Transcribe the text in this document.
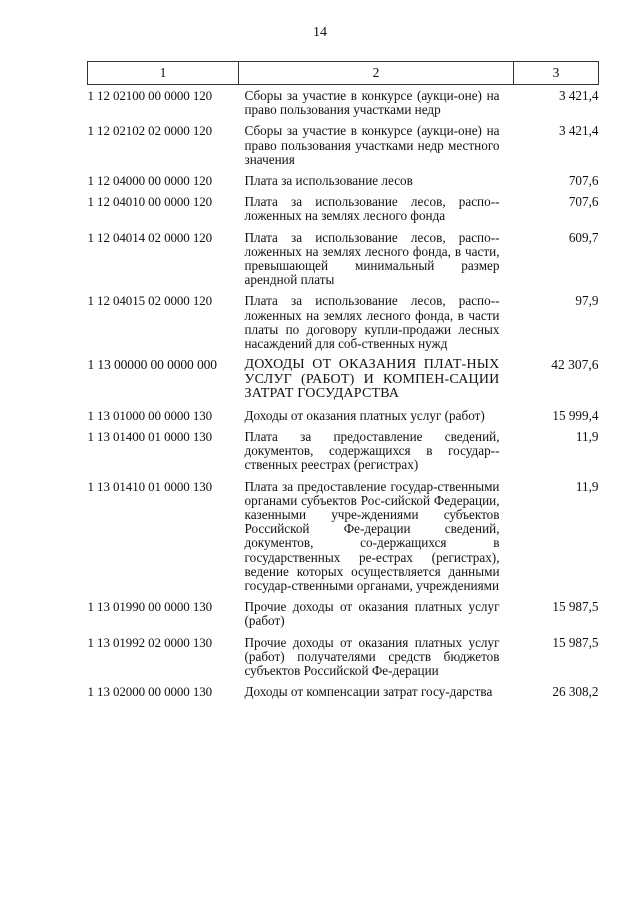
14
1	2	3
1 12 02100 00 0000 120	Сборы за участие в конкурсе (аукци-оне) на право пользования участками недр	3 421,4
1 12 02102 02 0000 120	Сборы за участие в конкурсе (аукци-оне) на право пользования участками недр местного значения	3 421,4
1 12 04000 00 0000 120	Плата за использование лесов	707,6
1 12 04010 00 0000 120	Плата за использование лесов, распо-ложенных на землях лесного фонда	707,6
1 12 04014 02 0000 120	Плата за использование лесов, распо-ложенных на землях лесного фонда, в части, превышающей минимальный размер арендной платы	609,7
1 12 04015 02 0000 120	Плата за использование лесов, распо-ложенных на землях лесного фонда, в части платы по договору купли-продажи лесных насаждений для соб-ственных нужд	97,9
1 13 00000 00 0000 000	ДОХОДЫ ОТ ОКАЗАНИЯ ПЛАТ-НЫХ УСЛУГ (РАБОТ) И КОМПЕН-САЦИИ ЗАТРАТ ГОСУДАРСТВА	42 307,6
1 13 01000 00 0000 130	Доходы от оказания платных услуг (работ)	15 999,4
1 13 01400 01 0000 130	Плата за предоставление сведений, документов, содержащихся в государ-ственных реестрах (регистрах)	11,9
1 13 01410 01 0000 130	Плата за предоставление государ-ственными органами субъектов Рос-сийской Федерации, казенными учре-ждениями субъектов Российской Фе-дерации сведений, документов, со-держащихся в государственных ре-естрах (регистрах), ведение которых осуществляется данными государ-ственными органами, учреждениями	11,9
1 13 01990 00 0000 130	Прочие доходы от оказания платных услуг (работ)	15 987,5
1 13 01992 02 0000 130	Прочие доходы от оказания платных услуг (работ) получателями средств бюджетов субъектов Российской Фе-дерации	15 987,5
1 13 02000 00 0000 130	Доходы от компенсации затрат госу-дарства	26 308,2
